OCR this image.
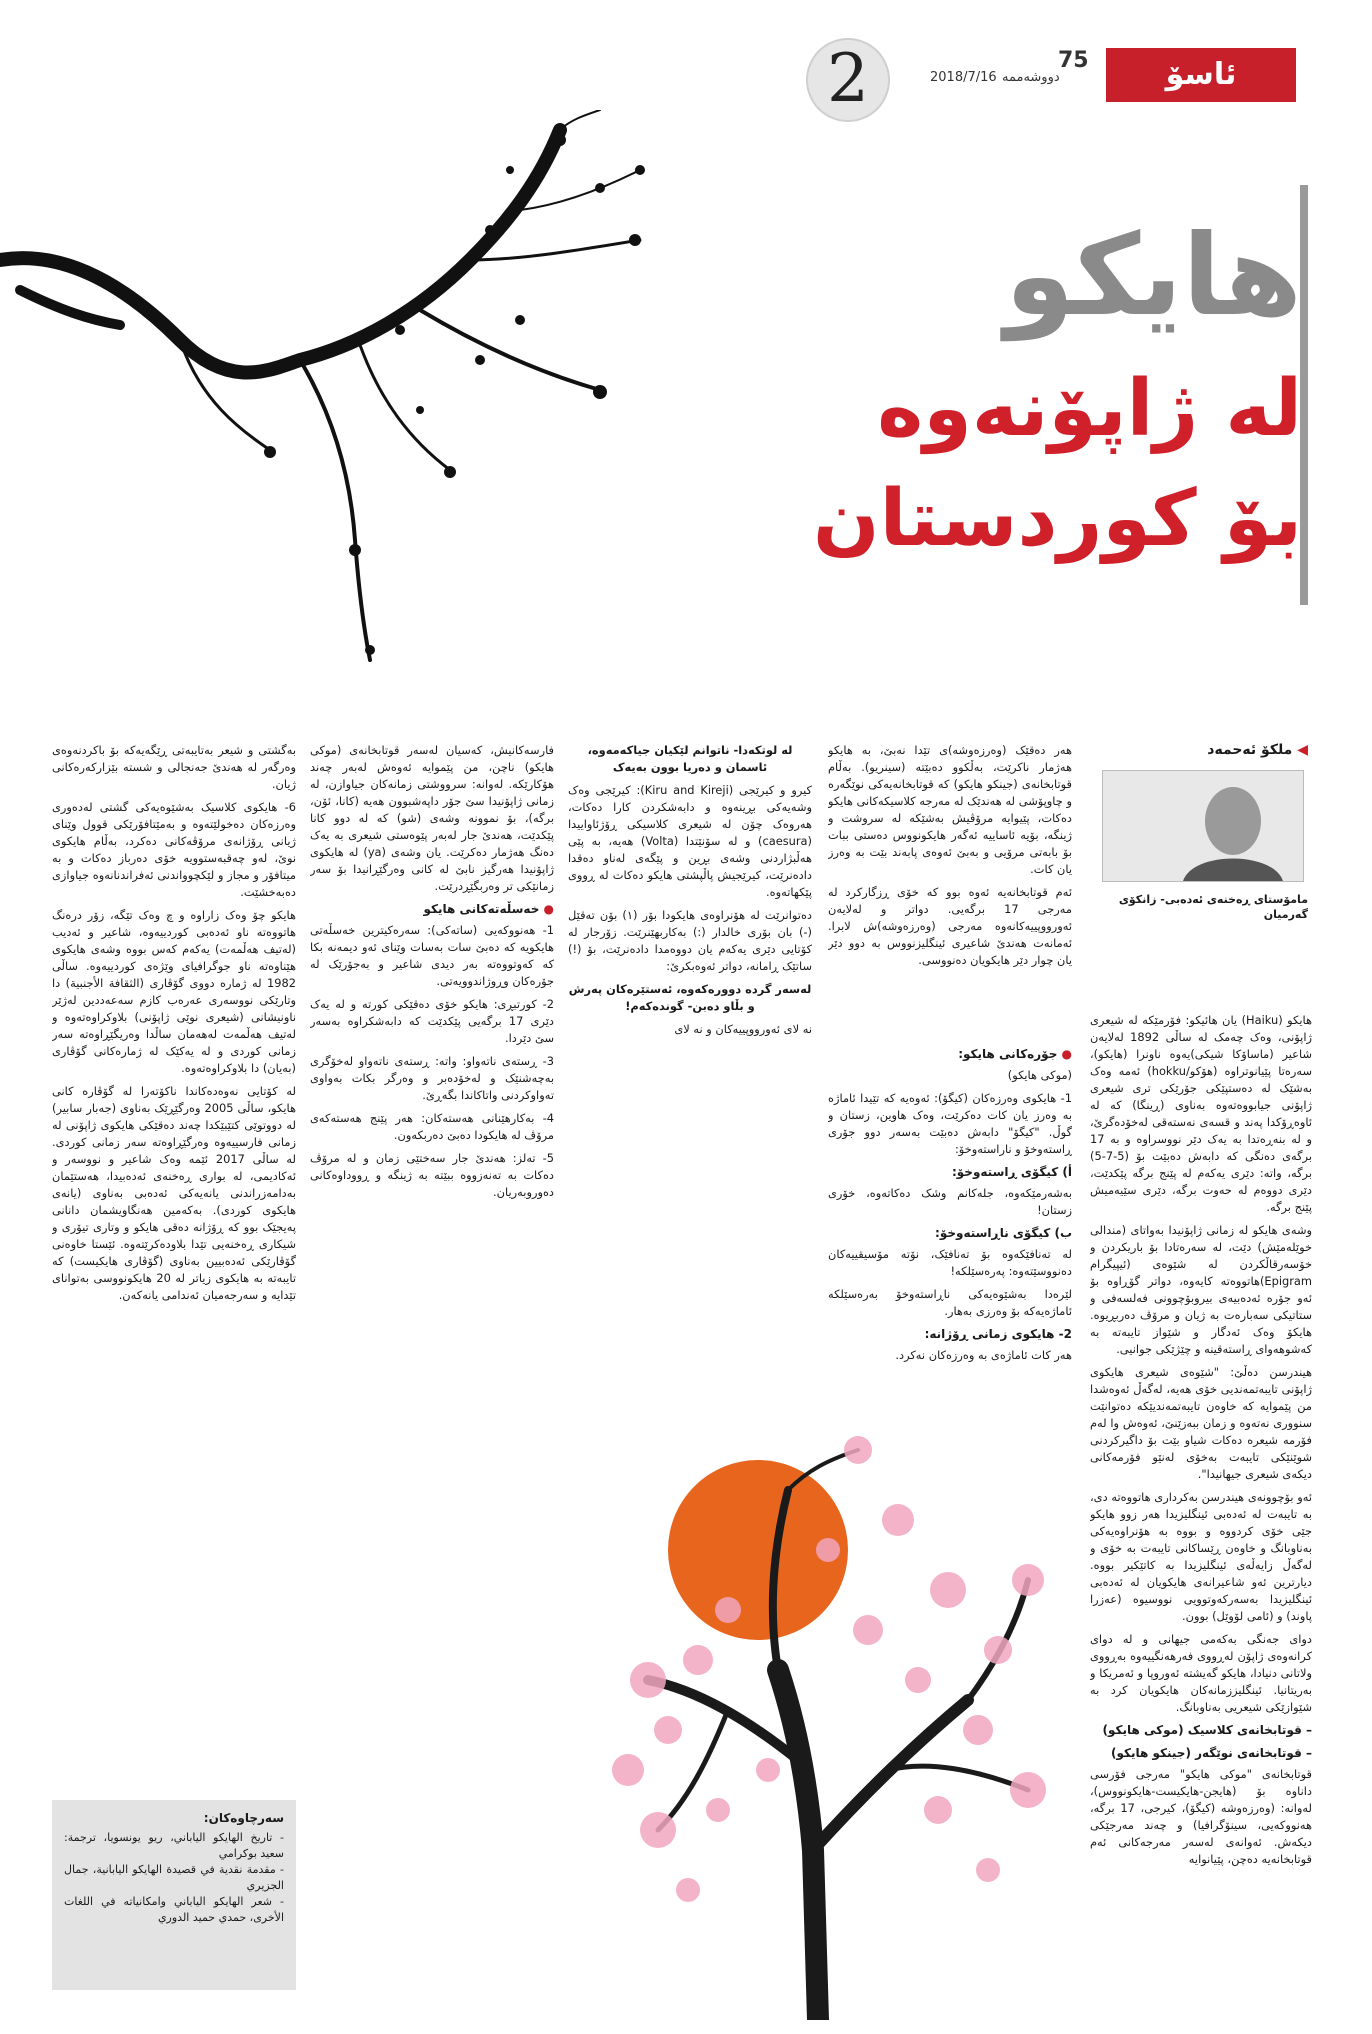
ئاسۆ
75
2	2018/7/16 دووشەممە
هایکو
لە ژاپۆنەوە
بۆ کوردستان
◀ ملکۆ ئەحمەد
مامۆستای ڕەخنەی ئەدەبی- زانکۆی گەرمیان

هایکو (Haiku) یان هائیکو: فۆرمێکە لە شیعری ژاپۆنی، وەک چەمک لە ساڵی 1892 لەلایەن شاعیر (ماساۆکا شیکی)یەوە ناونرا (هایکو)، سەرەتا پێیانوتراوە (هۆکو/hokku) ئەمە وەک بەشێک لە دەستپێکی جۆرێکی تری شیعری ژاپۆنی جیابووەتەوە بەناوی (ڕینگا) کە لە ئاوەڕۆکدا پەند و قسەی نەستەقی لەخۆدەگرێ، و لە بنەڕەتدا بە یەک دێر نووسراوە و بە 17 برگەی دەنگی کە دابەش دەبێت بۆ (5-7-5) برگە، واتە: دێری یەکەم لە پێنج برگە پێکدێت، دێری دووەم لە حەوت برگە، دێری سێیەمیش پێنج برگە.

وشەی هایکو لە زمانی ژاپۆنیدا بەواتای (مندالی خوێلەمێش) دێت، لە سەرەتادا بۆ باریکردن و خۆسەرقاڵکردن لە شێوەی (ئیپیگرام Epigram)هاتووەتە کایەوە، دواتر گۆڕاوە بۆ ئەو جۆرە ئەدەبیەی بیروبۆچوونی فەلسەفی و ستاتیکی سەبارەت بە ژیان و مرۆڤ دەربڕیوە. هایکۆ وەک ئەدگار و شێواز تایبەتە بە کەشوهەوای ڕاستەقینە و چێژێکی جوانیی.

هیندرسن دەڵێ: "شێوەی شیعری هایکوی ژاپۆنی تایبەتمەندیی خۆی هەیە، لەگەڵ ئەوەشدا من پێموایە کە خاوەن تایبەتمەندیێکە دەتوانێت سنووری نەتەوە و زمان ببەزێنێ، ئەوەش وا لەم فۆرمە شیعرە دەکات شیاو بێت بۆ داگیرکردنی شوێنێکی تایبەت بەخۆی لەنێو فۆرمەکانی دیکەی شیعری جیهانیدا".

ئەو بۆچوونەی هیندرسن بەکرداری هاتووەتە دی، بە تایبەت لە ئەدەبی ئینگلیزیدا هەر زوو هایکو جێی خۆی کردووە و بووە بە هۆنراوەیەکی بەناوبانگ و خاوەن ڕێساکانی تایبەت بە خۆی و لەگەڵ زایەڵەی ئینگلیزیدا بە کاتێکیر بووە. دیارترین ئەو شاعیرانەی هایکویان لە ئەدەبی ئینگلیزیدا بەسەرکەوتوویی نووسیوە (عەزرا پاوند) و (ئامی لۆوێل) بوون.

دوای جەنگی بەکەمی جیهانی و لە دوای کرانەوەی ژاپۆن لەڕووی فەرهەنگییەوە بەڕووی ولاتانی دنیادا، هایکو گەیشتە ئەوروپا و ئەمریکا و بەریتانیا. ئینگلیززمانەکان هایکویان کرد بە شێوازێکی شیعریی بەناوبانگ.

– قوتابخانەی کلاسیک (موکی هایکو)
– قوتابخانەی نوێگەر (جینکو هایکو)

قوتابخانەی "موکی هایکو" مەرجی فۆرسی داناوە بۆ (هایجن-هایکیست-هایکونووس)، لەوانە: (وەرزەوشە (کیگۆ)، کیرجی، 17 برگە، هەنووکەیی، سینۆگرافیا) و چەند مەرجێکی دیکەش. ئەوانەی لەسەر مەرجەکانی ئەم قوتابخانەیە دەچن، پێیانوایە

هەر دەقێک (وەرزەوشە)ی تێدا نەبێ، بە هایکو هەژمار ناکرێت، بەڵکوو دەبێتە (سینریو). بەڵام قوتابخانەی (جینکو هایکو) کە قوتابخانەیەکی نوێگەرە و چاوپۆشی لە هەندێک لە مەرجە کلاسیکەکانی هایکو دەکات، پێیوایە مرۆڤیش بەشێکە لە سروشت و ژینگە، بۆیە ئاساییە ئەگەر هایکونووس دەستی ببات بۆ بابەتی مرۆیی و بەبێ ئەوەی پابەند بێت بە وەرز یان کات.

ئەم قوتابخانەیە ئەوە بوو کە خۆی ڕزگارکرد لە مەرجی 17 برگەیی. دواتر و لەلایەن ئەورووپییەکانەوە مەرجی (وەرزەوشە)ش لابرا. ئەمانەت هەندێ شاعیری ئینگلیزنووس بە دوو دێر یان چوار دێر هایکویان دەنووسی.

● جۆرەکانی هایکو:

(موکی هایکو)

1- هایکوی وەرزەکان (کیگۆ): ئەوەیە کە تێیدا ئاماژە بە وەرز یان کات دەکرێت، وەک هاوین، زستان و گوڵ. "کیگۆ" دابەش دەبێت بەسەر دوو جۆری ڕاستەوخۆ و ناراستەوخۆ:

أ) کیگۆی ڕاستەوخۆ:

بەشەرمێکەوە، جلەکانم وشک دەکاتەوە، خۆری زستان!

ب) کیگۆی ناڕاستەوخۆ:

لە تەنافێکەوە بۆ تەنافێک، نۆتە مۆسیقییەکان دەنووسێتەوە: پەرەسێلکە!

لێرەدا بەشێوەیەکی ناڕاستەوخۆ بەرەسێلکە ئاماژەیەکە بۆ وەرزی بەهار.

2- هایکوی زمانی ڕۆژانە:

هەر کات ئاماژەی بە وەرزەکان نەکرد.

لە لوتکەدا- ناتوانم لێکیان جیاکەمەوە، ئاسمان و دەریا بوون بەیەک

کیرو و کیرێجی (Kiru and Kireji): کیرێجی وەک وشەیەکی بڕینەوە و دابەشکردن کارا دەکات، هەروەک چۆن لە شیعری کلاسیکی ڕۆژئاواییدا (caesura) و لە سۆنێتدا (Volta) هەیە، بە پێی هەڵبژاردنی وشەی بڕین و پێگەی لەناو دەقدا دادەنرێت، کیرێجیش پاڵپشتی هایکو دەکات لە ڕووی پێکهاتەوە.

دەتوانرێت لە هۆنراوەی هایکودا بۆر (۱) بۆن تەقێل (-) بان بۆری خالدار (:) بەکاربهێنرێت. زۆرجار لە کۆتایی دێری یەکەم یان دووەمدا دادەنرێت، بۆ (!) ساتێک ڕامانە، دواتر ئەوەبکرێ:

لەسەر گردە دووره‌کەوە، ئەستێرەکان پەرش و بڵاو دەبن- گوندەکەم!

نە لای ئەورووپییەکان و نە لای

فارسەکانیش، کەسیان لەسەر قوتابخانەی (موکی هایکو) ناچن، من پێموایە ئەوەش لەبەر چەند هۆکارێکە. لەوانە: سرووشتی زمانەکان جیاوازن، لە زمانی ژاپۆنیدا سێ جۆر داپەشبوون هەیە (کانا، ئۆن، برگە)، بۆ نموونە وشەی (شو) کە لە دوو کانا پێکدێت، هەندێ جار لەبەر پێوەستی شیعری بە یەک دەنگ هەژمار دەکرێت. یان وشەی (ya) لە هایکوی ژاپۆنیدا هەرگیز نابێ لە کانی وەرگێڕانیدا بۆ سەر زمانێکی تر وەربگێڕدرێت.

● خەسڵەتەکانی هایکو

1- هەنووکەیی (ساتەکی): سەرەکیترین خەسڵەتی هایکویە کە دەبێ سات بەسات وێنای ئەو دیمەنە بکا کە کەوتووەتە بەر دیدی شاعیر و بەجۆرێک لە جۆرەکان وڕوژاندوویەتی.

2- کورتبڕی: هایکو خۆی دەقێکی کورتە و لە یەک دێری 17 برگەیی پێکدێت کە دابەشکراوە بەسەر سێ دێردا.

3- ڕستەی ناتەواو: واتە: ڕستەی ناتەواو لەخۆگری بەچەشنێک و لەخۆدەبر و وەرگر بکات بەواوی تەواوکردنی واتاکاندا بگەڕێ.

4- بەکارهێنانی هەستەکان: هەر پێنج هەستەکەی مرۆڤ لە هایکودا دەبێ دەربکەون.

5- تەلز: هەندێ جار سەختێی زمان و لە مرۆڤ دەکات بە تەنەزووە ببێتە بە ژینگە و ڕووداوەکانی دەوروبەریان.

بەگشتی و شیعر بەتایبەتی ڕێگەیەکە بۆ باکردنەوەی وەرگەر لە هەندێ جەنجالی و شستە بێزارکەرەکانی ژیان.

6- هایکوی کلاسیک بەشێوەیەکی گشتی لەدەوری وەرزەکان دەخولێتەوە و بەمێتافۆرێکی قوول وێنای ژیانی ڕۆژانەی مرۆڤەکانی دەکرد، بەڵام هایکوی نوێ، لەو چەقبەستوویە خۆی دەرباز دەکات و بە میتافۆر و مجاز و لێکچوواندنی ئەفراندنانەوە جیاوازی دەبەخشێت.

هایکو چۆ وەک زاراوە و چ وەک تێگە، زۆر درەنگ هاتووەتە ناو ئەدەبی کوردییەوە، شاعیر و ئەدیب (لەتیف هەڵمەت) یەکەم کەس بووە وشەی هایکوی هێناوەتە ناو جوگرافیای وێژەی کوردییەوە. ساڵی 1982 لە ژمارە دووی گۆڤاری (الثقافة الأجنبية) دا وتارێکی نووسەری عەرەب کازم سەعەددین لەژێر ناونیشانی (شیعری نوێی ژاپۆنی) بلاوکراوەتەوە و لەتیف هەڵمەت لەهەمان ساڵدا وەریگێڕاوەتە سەر زمانی کوردی و لە یەکێک لە ژمارەکانی گۆڤاری (بەیان) دا بلاوکراوەتەوە.

لە کۆتایی نەوەدەکاندا ناکۆتەرا لە گۆڤارە کانی هایکو، ساڵی 2005 وەرگێڕێک بەناوی (جەبار سابیر) لە دووتوێی کتێبێکدا چەند دەقێکی هایکوی ژاپۆنی لە زمانی فارسییەوە وەرگێڕاوەتە سەر زمانی کوردی. لە ساڵی 2017 ئێمە وەک شاعیر و نووسەر و ئەکادیمی، لە بواری ڕەخنەی ئەدەبیدا، هەستێمان بەدامەزراندنی یانەیەکی ئەدەبی بەناوی (یانەی هایکوی کوردی). بەکەمین هەنگاویشمان دانانی پەیجێک بوو کە ڕۆژانە دەقی هایکو و وتاری تیۆری و شیکاری ڕەخنەیی تێدا بلاودەکرێتەوە. ئێستا خاوەنی گۆڤارێکی ئەدەبیین بەناوی (گۆڤاری هایکیست) کە تایبەتە بە هایکوی زیاتر لە 20 هایکونووسی بەتوانای تێدایە و سەرجەمیان ئەندامی یانەکەن.

سەرچاوەکان:
- تاریخ الهایکو الیاباني، ریو یونسویا، ترجمة: سعید بوکرامي
- مقدمة نقدیة في قصیدة الهایکو الیابانیة، جمال الجزیري
- شعر الهایکو الیاباني وامکانیاته في اللغات الأخری، حمدي حمید الدوري
